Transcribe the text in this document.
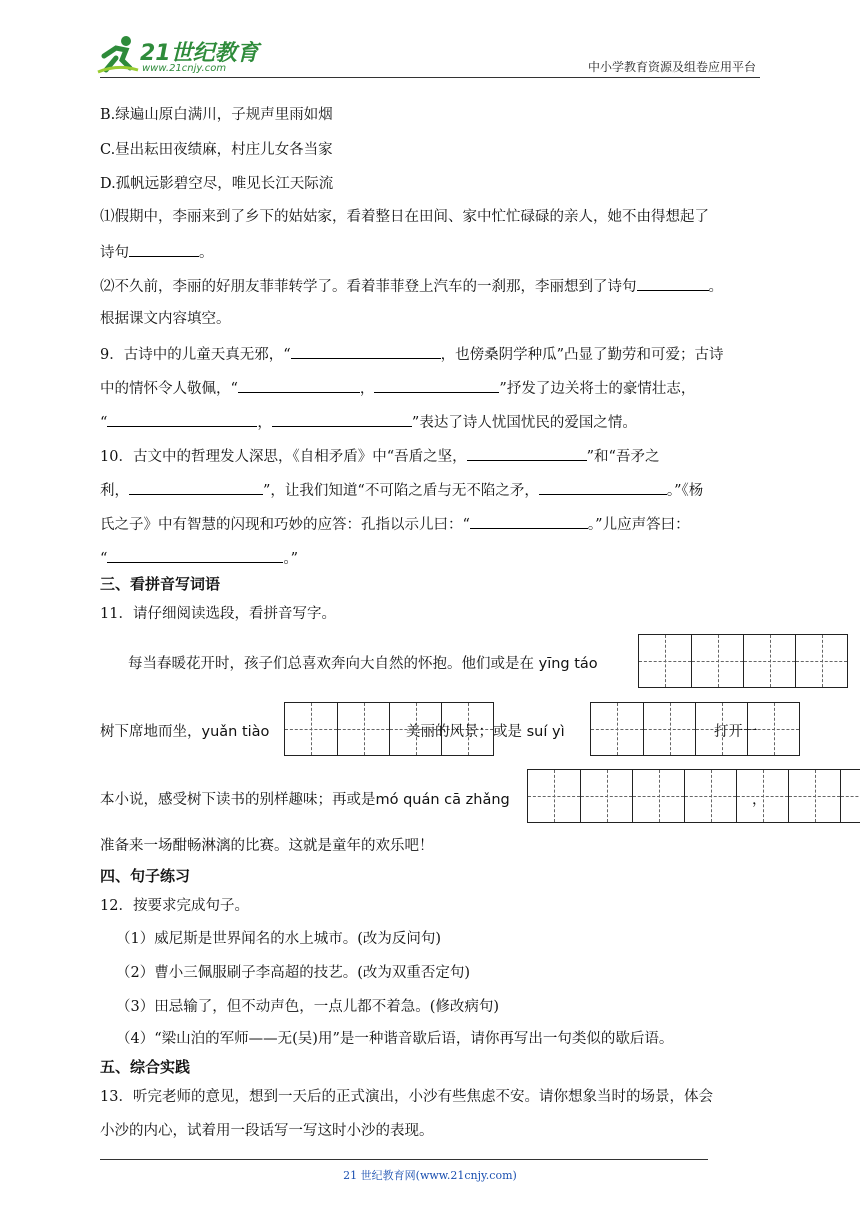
21世纪教育
www.21cnjy.com	中小学教育资源及组卷应用平台
B.绿遍山原白满川，子规声里雨如烟
C.昼出耘田夜绩麻，村庄儿女各当家
D.孤帆远影碧空尽，唯见长江天际流
⑴假期中，李丽来到了乡下的姑姑家，看着整日在田间、家中忙忙碌碌的亲人，她不由得想起了
诗句	。
⑵不久前，李丽的好朋友菲菲转学了。看着菲菲登上汽车的一刹那，李丽想到了诗句	。
根据课文内容填空。
9．古诗中的儿童天真无邪，“	，也傍桑阴学种瓜”凸显了勤劳和可爱；古诗
中的情怀令人敬佩，“	，	”抒发了边关将士的豪情壮志，
“	，	”表达了诗人忧国忧民的爱国之情。
10．古文中的哲理发人深思，《自相矛盾》中“吾盾之坚，	”和“吾矛之
利，	”，让我们知道“不可陷之盾与无不陷之矛，	。”《杨
氏之子》中有智慧的闪现和巧妙的应答：孔指以示儿曰：“	。”儿应声答曰：
“	。”
三、看拼音写词语
11．请仔细阅读选段，看拼音写字。
每当春暖花开时，孩子们总喜欢奔向大自然的怀抱。他们或是在 yīng táo
树下席地而坐，yuǎn tiào	美丽的风景；或是 suí yì	打开一
本小说，感受树下读书的别样趣味；再或是mó quán cā zhǎng	，
准备来一场酣畅淋漓的比赛。这就是童年的欢乐吧！
四、句子练习
12．按要求完成句子。
（1）威尼斯是世界闻名的水上城市。(改为反问句)
（2）曹小三佩服刷子李高超的技艺。(改为双重否定句)
（3）田忌输了，但不动声色，一点儿都不着急。(修改病句)
（4）“梁山泊的军师——无(吴)用”是一种谐音歇后语，请你再写出一句类似的歇后语。
五、综合实践
13．听完老师的意见，想到一天后的正式演出，小沙有些焦虑不安。请你想象当时的场景，体会
小沙的内心，试着用一段话写一写这时小沙的表现。
21 世纪教育网(www.21cnjy.com)
